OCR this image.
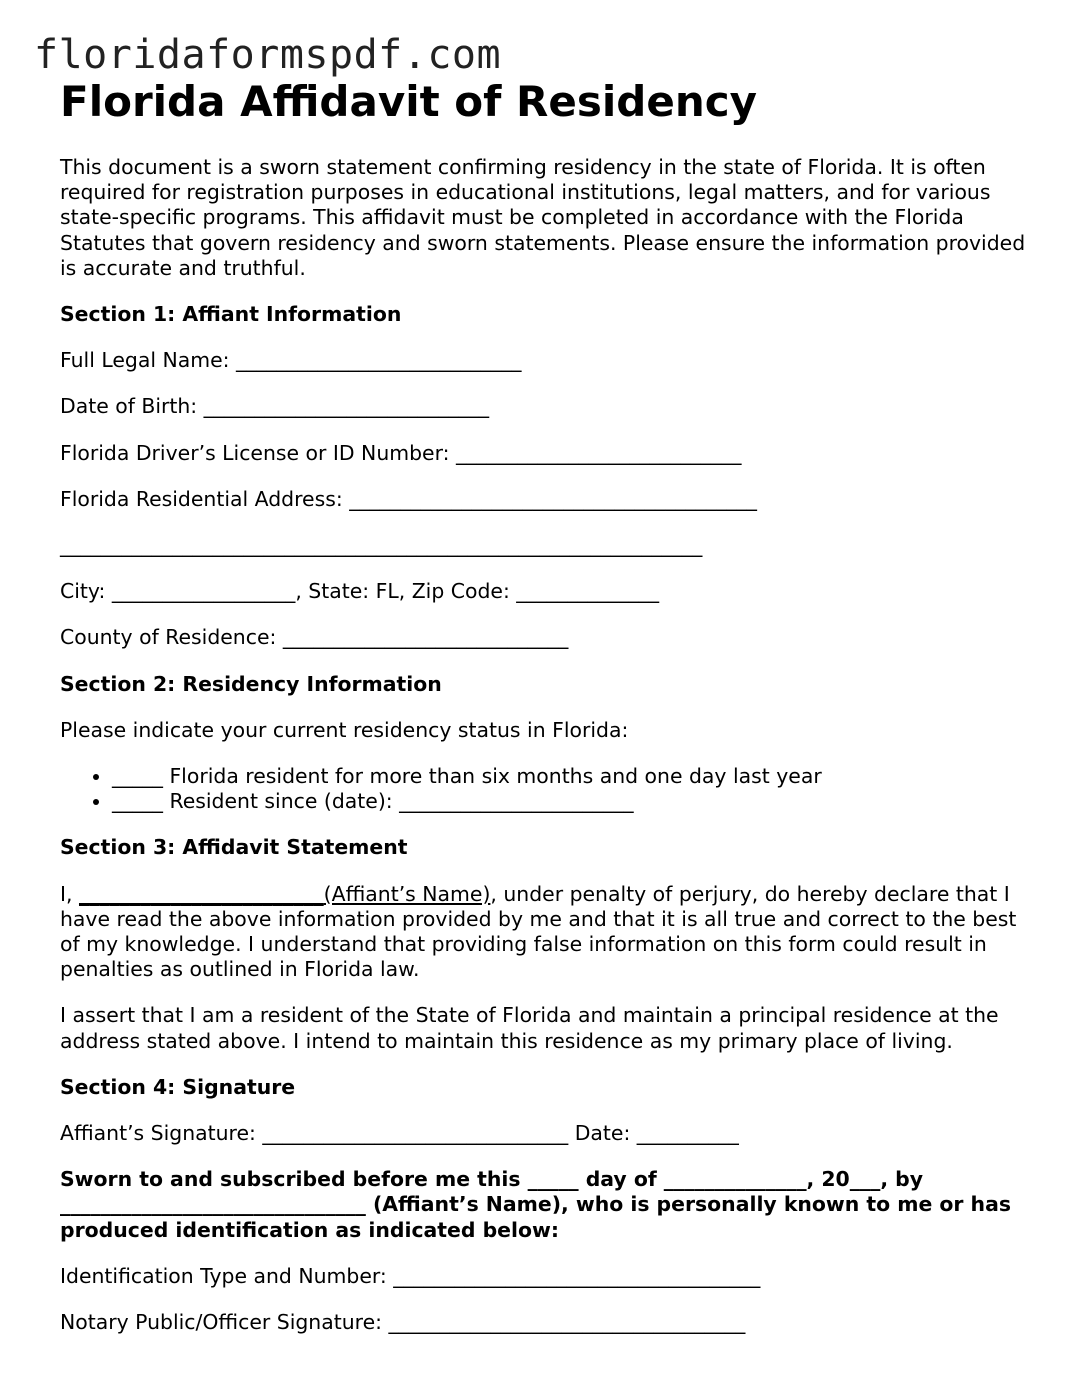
floridaformspdf.com
Florida Affidavit of Residency

This document is a sworn statement confirming residency in the state of Florida. It is often required for registration purposes in educational institutions, legal matters, and for various state-specific programs. This affidavit must be completed in accordance with the Florida Statutes that govern residency and sworn statements. Please ensure the information provided is accurate and truthful.

Section 1: Affiant Information

Full Legal Name: ____________________________

Date of Birth: ____________________________

Florida Driver’s License or ID Number: ____________________________

Florida Residential Address: ________________________________________

_______________________________________________________________

City: __________________, State: FL, Zip Code: ______________

County of Residence: ____________________________

Section 2: Residency Information

Please indicate your current residency status in Florida:

• _____ Florida resident for more than six months and one day last year
• _____ Resident since (date): _______________________

Section 3: Affidavit Statement

I, ________________________(Affiant’s Name), under penalty of perjury, do hereby declare that I have read the above information provided by me and that it is all true and correct to the best of my knowledge. I understand that providing false information on this form could result in penalties as outlined in Florida law.

I assert that I am a resident of the State of Florida and maintain a principal residence at the address stated above. I intend to maintain this residence as my primary place of living.

Section 4: Signature

Affiant’s Signature: ______________________________ Date: __________

Sworn to and subscribed before me this _____ day of ______________, 20___, by ______________________________ (Affiant’s Name), who is personally known to me or has produced identification as indicated below:

Identification Type and Number: ____________________________________

Notary Public/Officer Signature: ___________________________________
